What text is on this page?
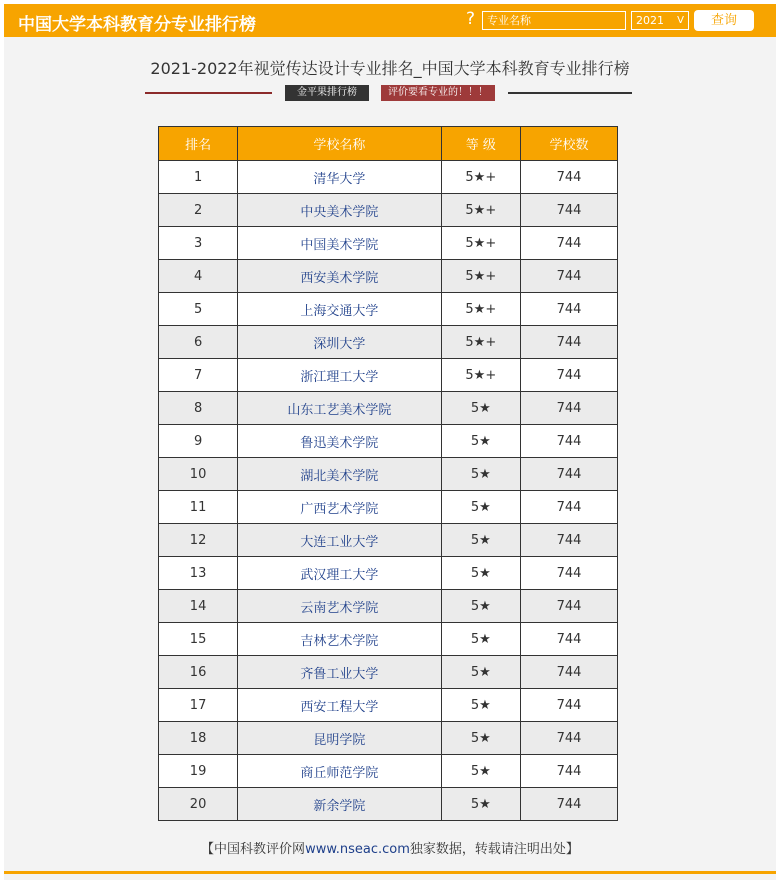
中国大学本科教育分专业排行榜	?
专业名称	2021 V	查询
2021-2022年视觉传达设计专业排名_中国大学本科教育专业排行榜
金平果排行榜	评价要看专业的！！！
排名	学校名称	等 级	学校数
1	清华大学	5★+	744
2	中央美术学院	5★+	744
3	中国美术学院	5★+	744
4	西安美术学院	5★+	744
5	上海交通大学	5★+	744
6	深圳大学	5★+	744
7	浙江理工大学	5★+	744
8	山东工艺美术学院	5★	744
9	鲁迅美术学院	5★	744
10	湖北美术学院	5★	744
11	广西艺术学院	5★	744
12	大连工业大学	5★	744
13	武汉理工大学	5★	744
14	云南艺术学院	5★	744
15	吉林艺术学院	5★	744
16	齐鲁工业大学	5★	744
17	西安工程大学	5★	744
18	昆明学院	5★	744
19	商丘师范学院	5★	744
20	新余学院	5★	744
【中国科教评价网www.nseac.com独家数据，转载请注明出处】
